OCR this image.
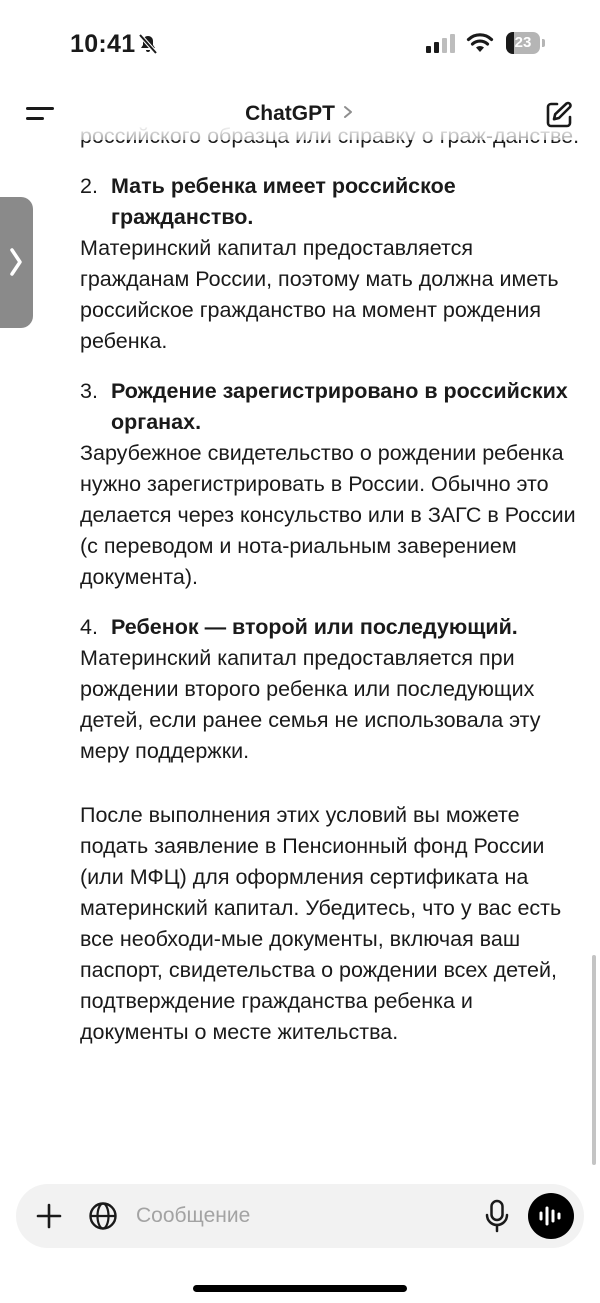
10:41	23
ChatGPT

2. Мать ребенка имеет российское гражданство.

Материнский капитал предоставляется гражданам России, поэтому мать должна иметь российское гражданство на момент рождения ребенка.

3. Рождение зарегистрировано в российских органах.

Зарубежное свидетельство о рождении ребенка нужно зарегистрировать в России. Обычно это делается через консульство или в ЗАГС в России (с переводом и нота-риальным заверением документа).

4. Ребенок — второй или последующий.

Материнский капитал предоставляется при рождении второго ребенка или последующих детей, если ранее семья не использовала эту меру поддержки.

После выполнения этих условий вы можете подать заявление в Пенсионный фонд России (или МФЦ) для оформления сертификата на материнский капитал. Убедитесь, что у вас есть все необходи-мые документы, включая ваш паспорт, свидетельства о рождении всех детей, подтверждение гражданства ребенка и документы о месте жительства.

Сообщение
